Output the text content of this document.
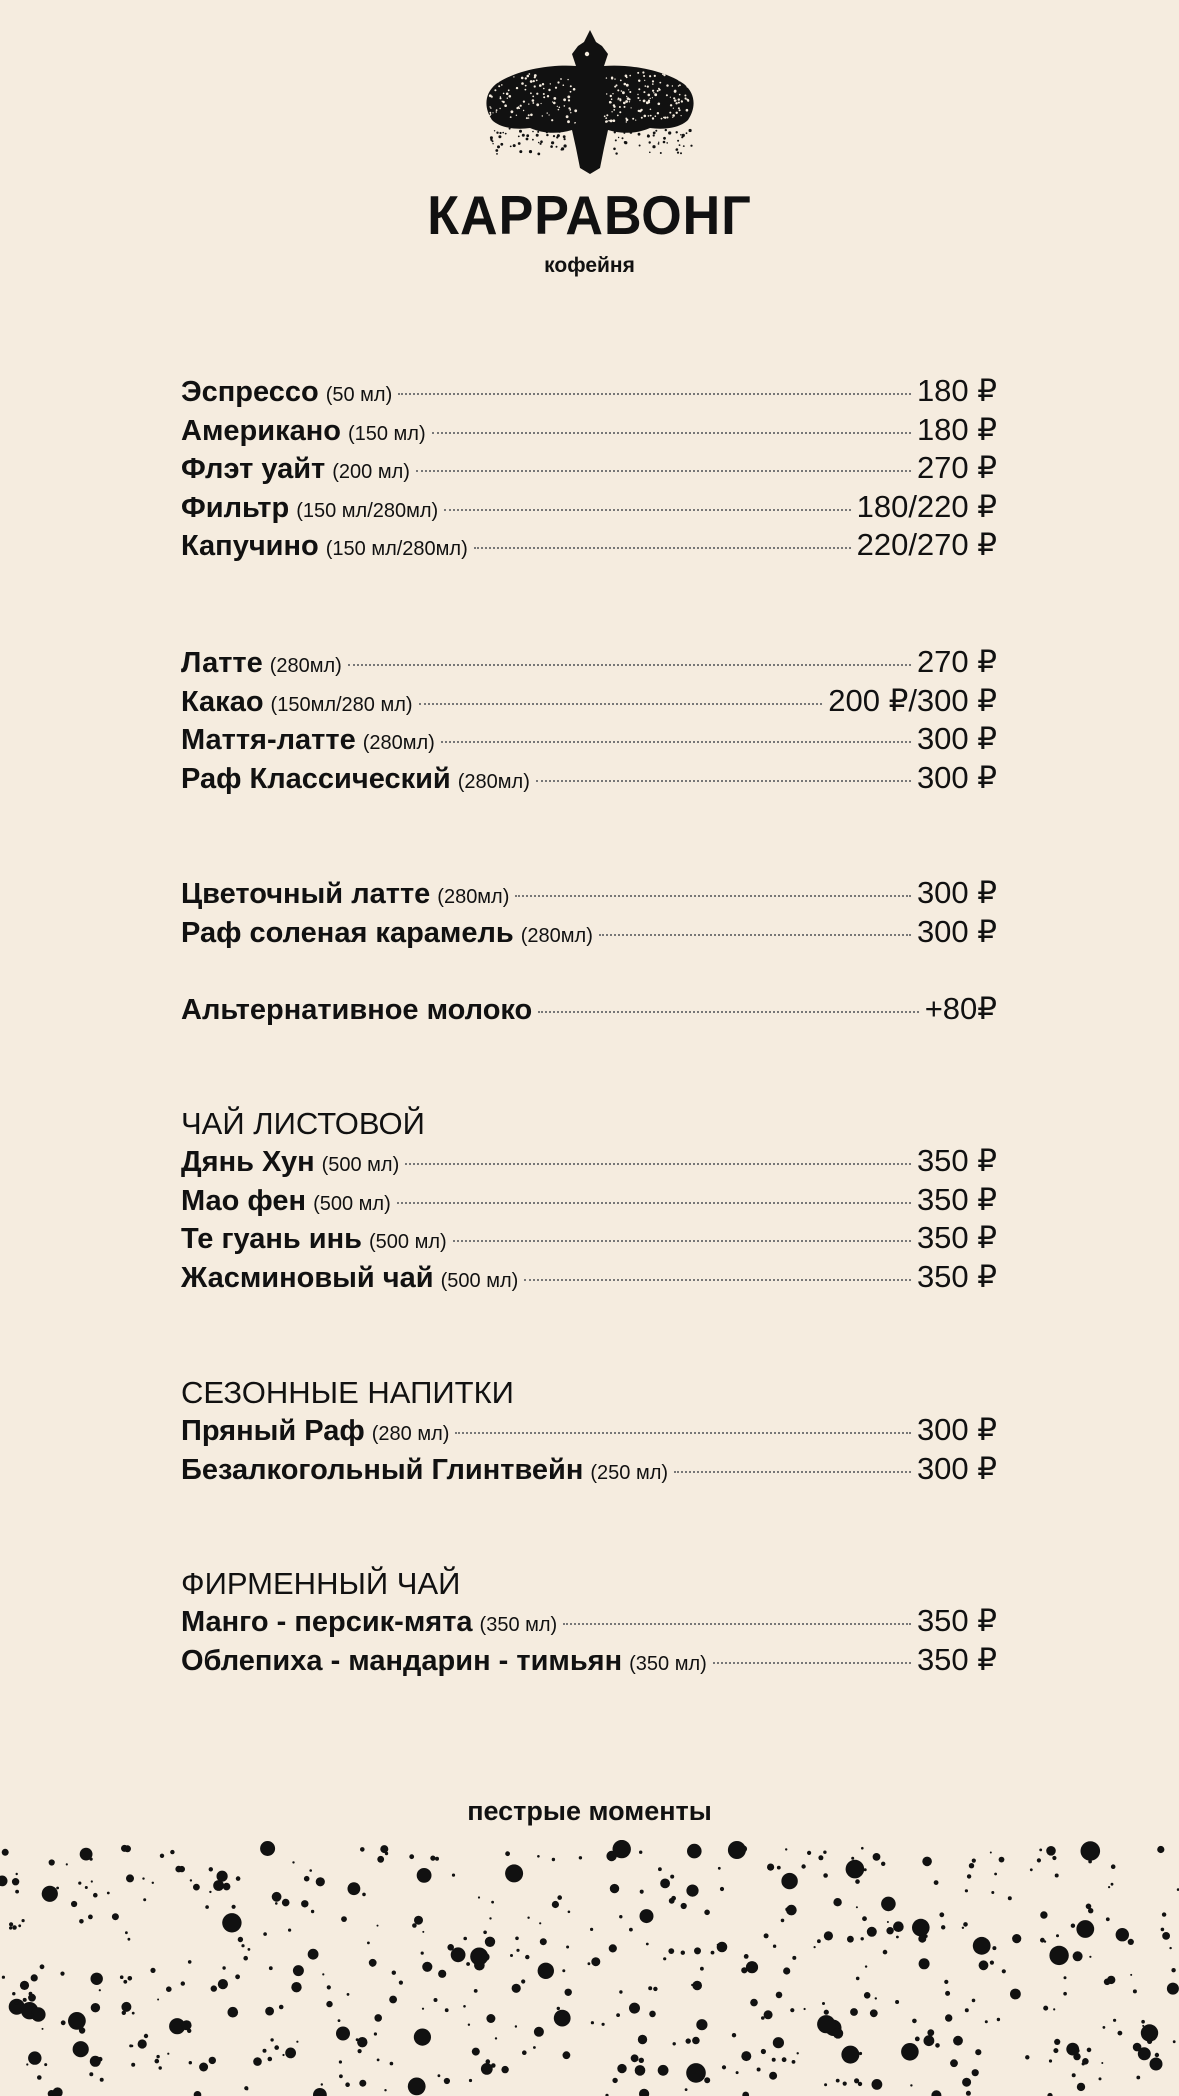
КАРРАВОНГ
кофейня
Эспрессо (50 мл)	180 ₽
Американо (150 мл)	180 ₽
Флэт уайт (200 мл)	270 ₽
Фильтр (150 мл/280мл)	180/220 ₽
Капучино (150 мл/280мл)	220/270 ₽
Латте (280мл)	270 ₽
Какао (150мл/280 мл)	200 ₽/300 ₽
Маття-латте (280мл)	300 ₽
Раф Классический (280мл)	300 ₽
Цветочный латте (280мл)	300 ₽
Раф соленая карамель (280мл)	300 ₽
Альтернативное молоко	+80₽
ЧАЙ ЛИСТОВОЙ
Дянь Хун (500 мл)	350 ₽
Мао фен (500 мл)	350 ₽
Те гуань инь (500 мл)	350 ₽
Жасминовый чай (500 мл)	350 ₽
СЕЗОННЫЕ НАПИТКИ
Пряный Раф (280 мл)	300 ₽
Безалкогольный Глинтвейн (250 мл)	300 ₽
ФИРМЕННЫЙ ЧАЙ
Манго - персик-мята (350 мл)	350 ₽
Облепиха - мандарин - тимьян (350 мл)	350 ₽
пестрые моменты
